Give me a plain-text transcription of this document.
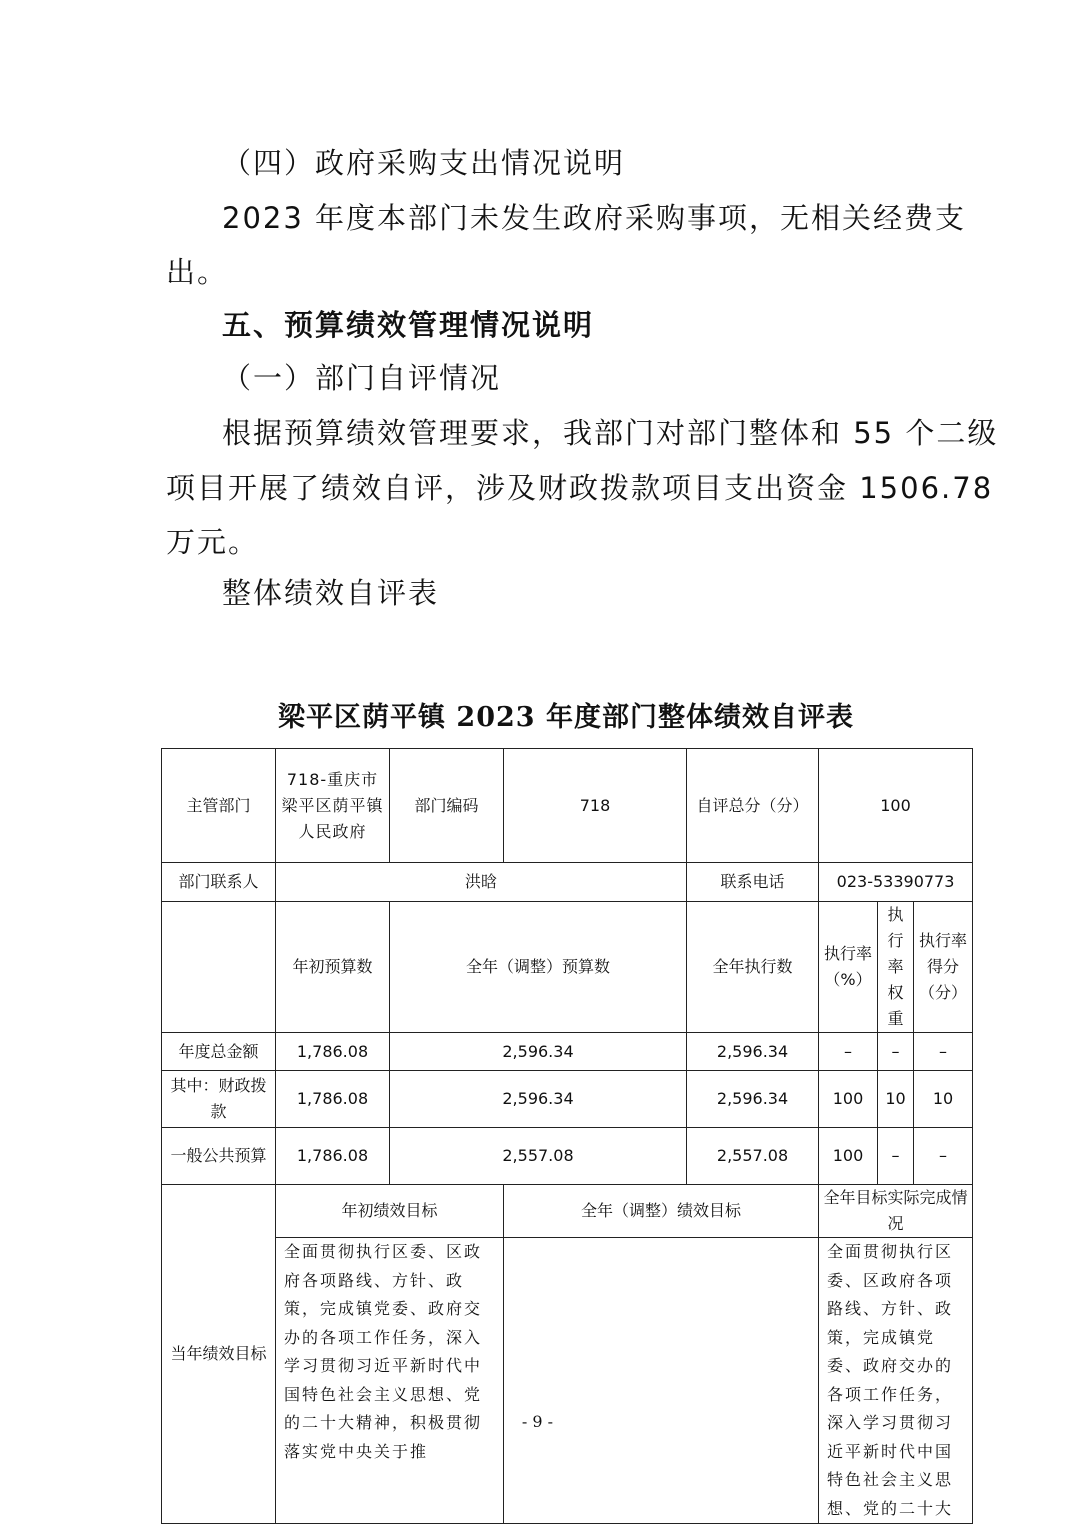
（四）政府采购支出情况说明
2023 年度本部门未发生政府采购事项，无相关经费支
出。
五、预算绩效管理情况说明
（一）部门自评情况
根据预算绩效管理要求，我部门对部门整体和 55 个二级
项目开展了绩效自评，涉及财政拨款项目支出资金 1506.78
万元。
整体绩效自评表
梁平区荫平镇 2023 年度部门整体绩效自评表
主管部门	718-重庆市梁平区荫平镇人民政府	部门编码	718	自评总分（分）	100		
部门联系人	洪晗			联系电话	023-53390773		
	年初预算数	全年（调整）预算数		全年执行数	执行率（%）	执行率权重	执行率得分（分）
年度总金额	1,786.08	2,596.34		2,596.34	–	–	–
其中：财政拨款	1,786.08	2,596.34		2,596.34	100	10	10
一般公共预算	1,786.08	2,557.08		2,557.08	100	–	–
当年绩效目标	年初绩效目标		全年（调整）绩效目标		全年目标实际完成情况		
	全面贯彻执行区委、区政府各项路线、方针、政策，完成镇党委、政府交办的各项工作任务，深入学习贯彻习近平新时代中国特色社会主义思想、党的二十大精神，积极贯彻落实党中央关于推				全面贯彻执行区委、区政府各项路线、方针、政策，完成镇党委、政府交办的各项工作任务，深入学习贯彻习近平新时代中国特色社会主义思想、党的二十大		
- 9 -
